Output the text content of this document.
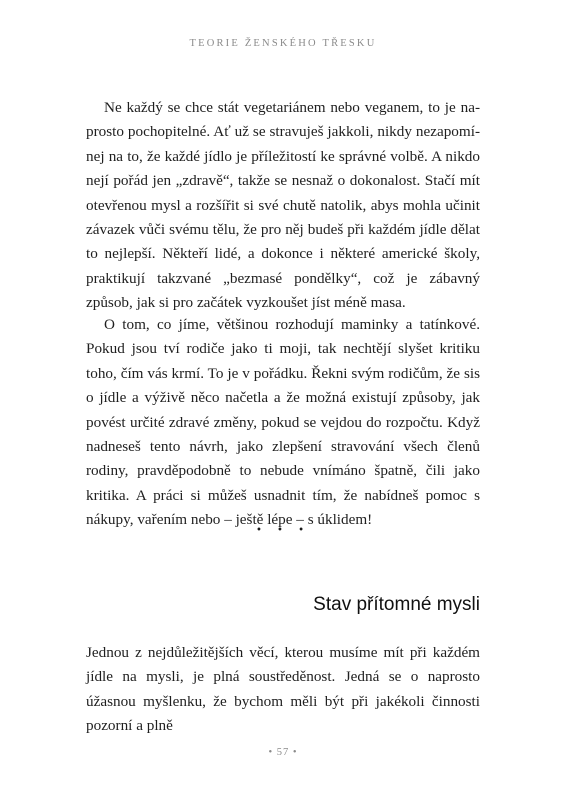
TEORIE ŽENSKÉHO TŘESKU

Ne každý se chce stát vegetariánem nebo veganem, to je naprosto pochopitelné. Ať už se stravuješ jakkoli, nikdy nezapomínej na to, že každé jídlo je příležitostí ke správné volbě. A nikdo nejí pořád jen „zdravě“, takže se nesnaž o dokonalost. Stačí mít otevřenou mysl a rozšířit si své chutě natolik, abys mohla učinit závazek vůči svému tělu, že pro něj budeš při každém jídle dělat to nejlepší. Někteří lidé, a dokonce i některé americké školy, praktikují takzvané „bezmasé pondělky“, což je zábavný způsob, jak si pro začátek vyzkoušet jíst méně masa.

O tom, co jíme, většinou rozhodují maminky a tatínkové. Pokud jsou tví rodiče jako ti moji, tak nechtějí slyšet kritiku toho, čím vás krmí. To je v pořádku. Řekni svým rodičům, že sis o jídle a výživě něco načetla a že možná existují způsoby, jak povést určité zdravé změny, pokud se vejdou do rozpočtu. Když nadneseš tento návrh, jako zlepšení stravování všech členů rodiny, pravděpodobně to nebude vnímáno špatně, čili jako kritika. A práci si můžeš usnadnit tím, že nabídneš pomoc s nákupy, vařením nebo – ještě lépe – s úklidem!

• • •
Stav přítomné mysli

Jednou z nejdůležitějších věcí, kterou musíme mít při každém jídle na mysli, je plná soustředěnost. Jedná se o naprosto úžasnou myšlenku, že bychom měli být při jakékoli činnosti pozorní a plně

• 57 •
